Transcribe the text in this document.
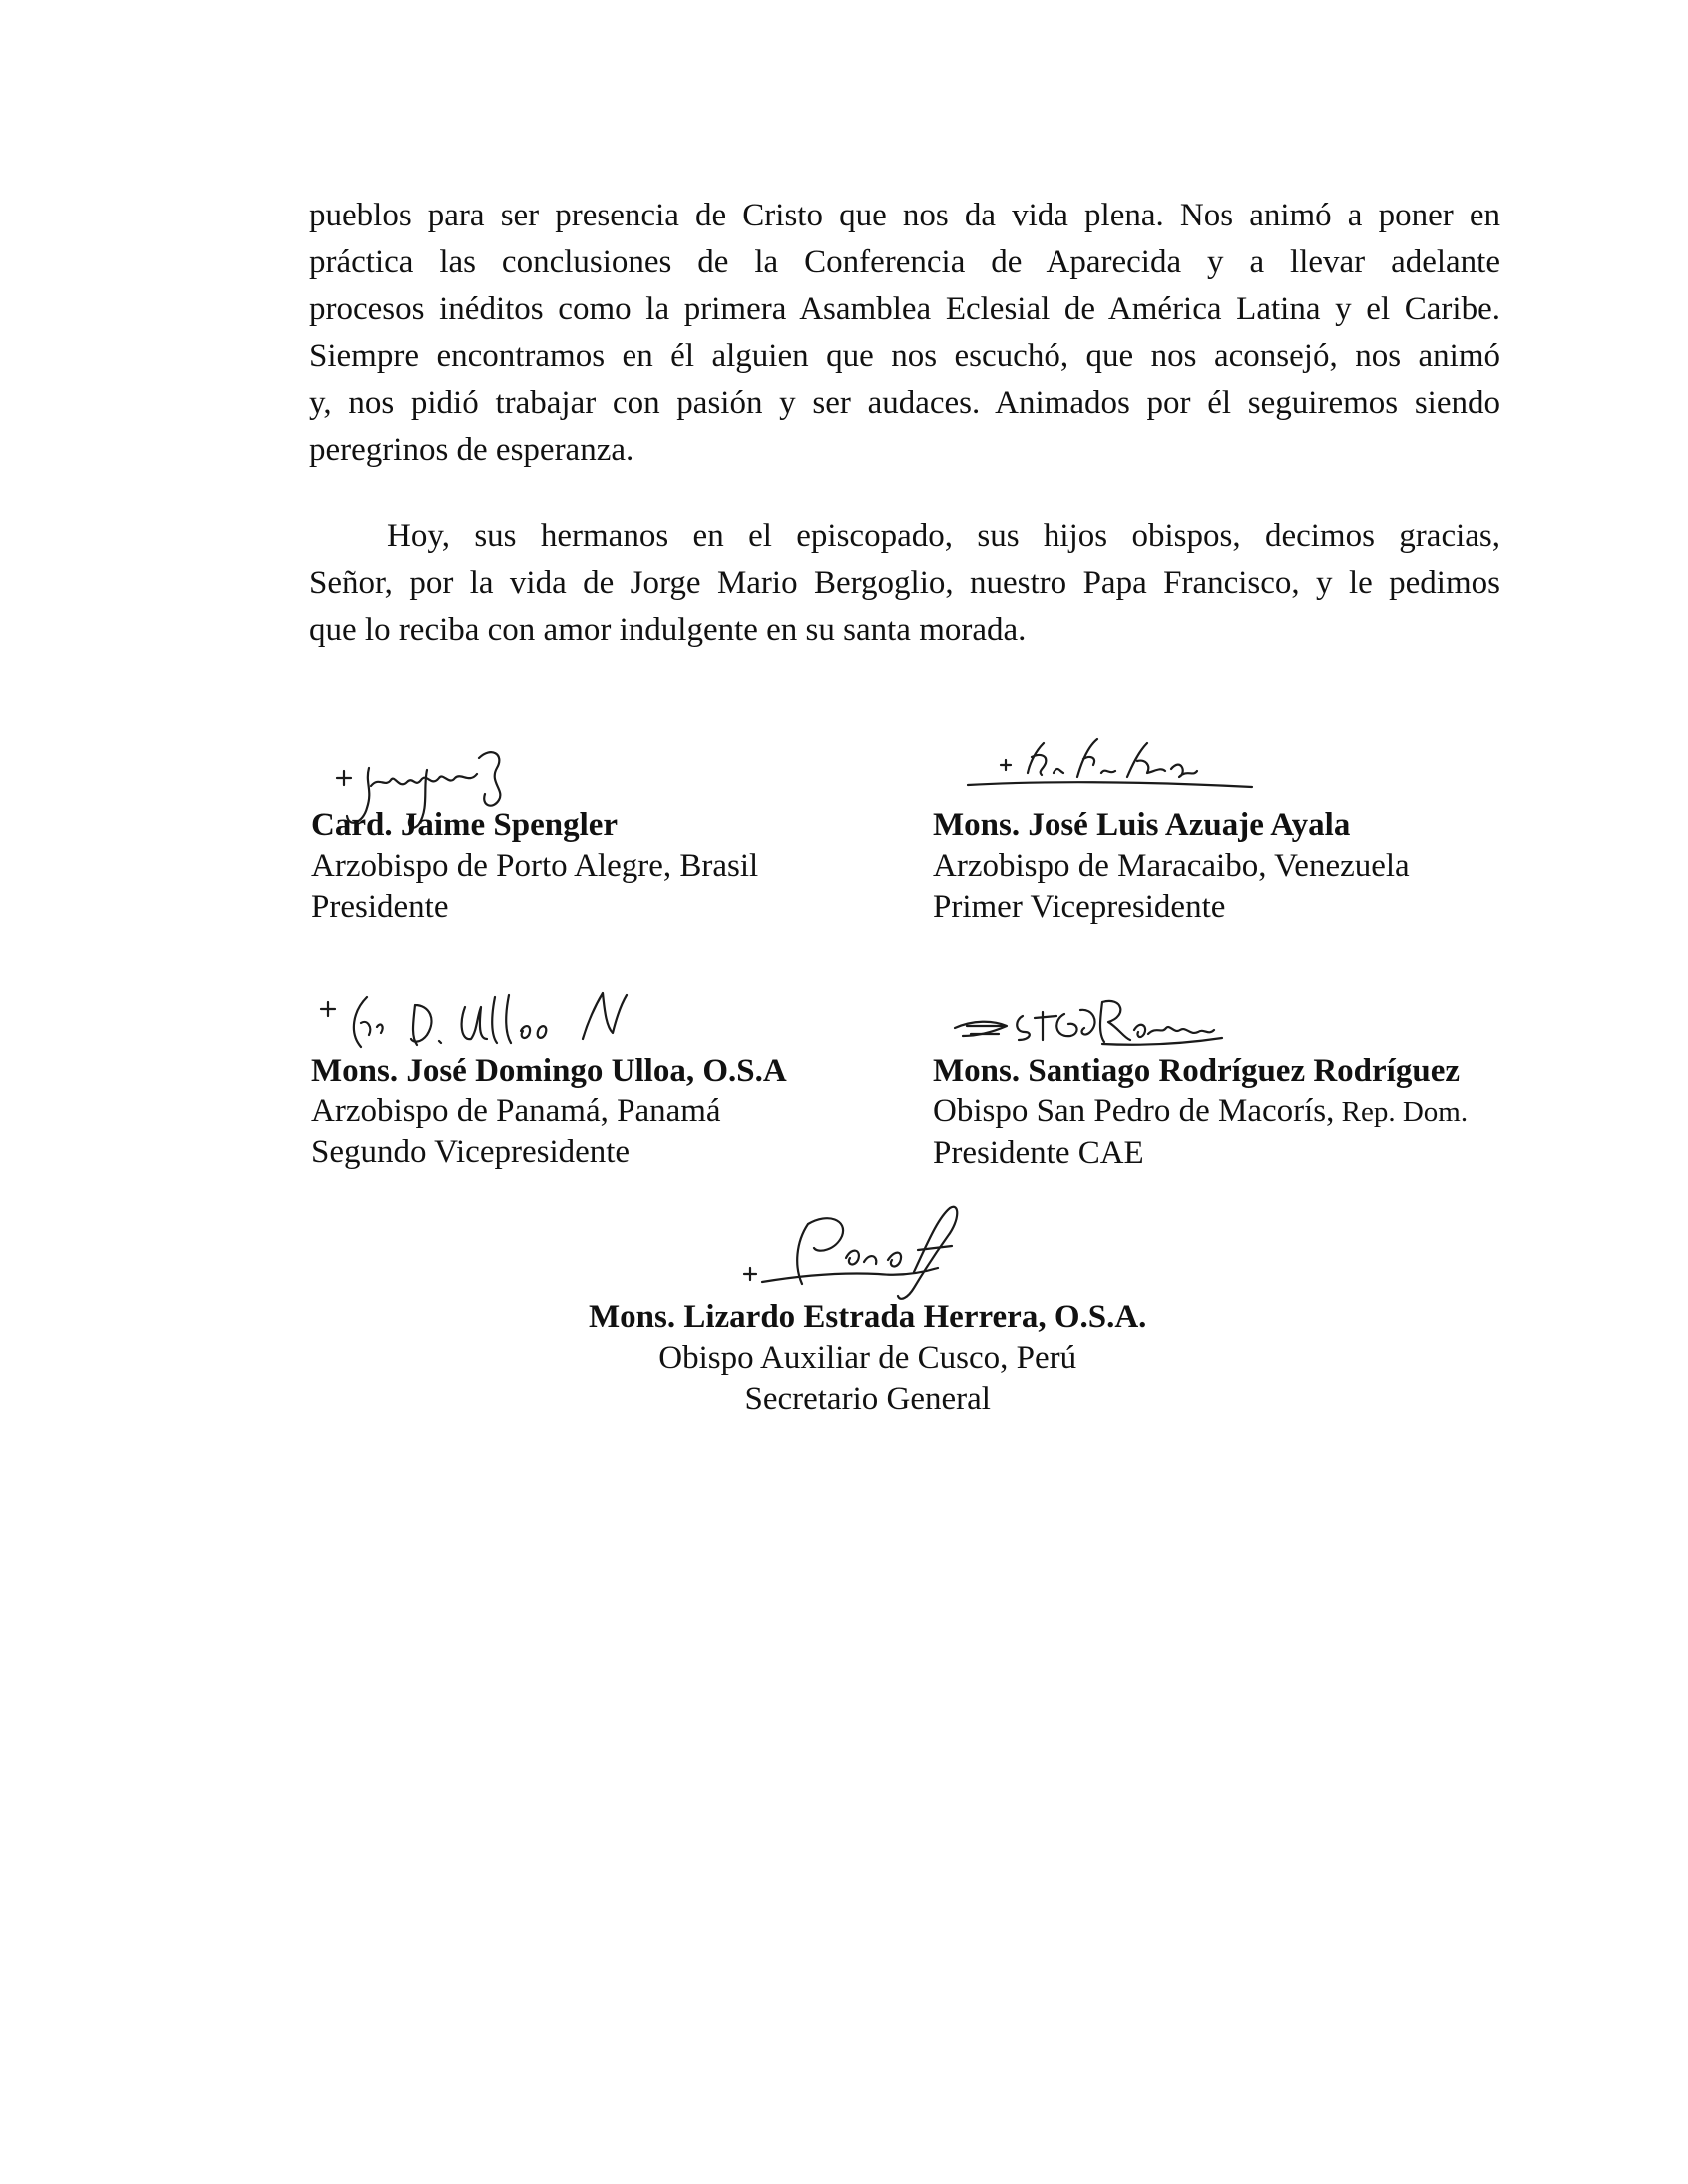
pueblos para ser presencia de Cristo que nos da vida plena. Nos animó a poner en
práctica las conclusiones de la Conferencia de Aparecida y a llevar adelante
procesos inéditos como la primera Asamblea Eclesial de América Latina y el Caribe.
Siempre encontramos en él alguien que nos escuchó, que nos aconsejó, nos animó
y, nos pidió trabajar con pasión y ser audaces. Animados por él seguiremos siendo
peregrinos de esperanza.
Hoy, sus hermanos en el episcopado, sus hijos obispos, decimos gracias,
Señor, por la vida de Jorge Mario Bergoglio, nuestro Papa Francisco, y le pedimos
que lo reciba con amor indulgente en su santa morada.
Card. Jaime Spengler
Arzobispo de Porto Alegre, Brasil
Presidente
Mons. José Luis Azuaje Ayala
Arzobispo de Maracaibo, Venezuela
Primer Vicepresidente
Mons. José Domingo Ulloa, O.S.A
Arzobispo de Panamá, Panamá
Segundo Vicepresidente
Mons. Santiago Rodríguez Rodríguez
Obispo San Pedro de Macorís, Rep. Dom.
Presidente CAE
Mons. Lizardo Estrada Herrera, O.S.A.
Obispo Auxiliar de Cusco, Perú
Secretario General
